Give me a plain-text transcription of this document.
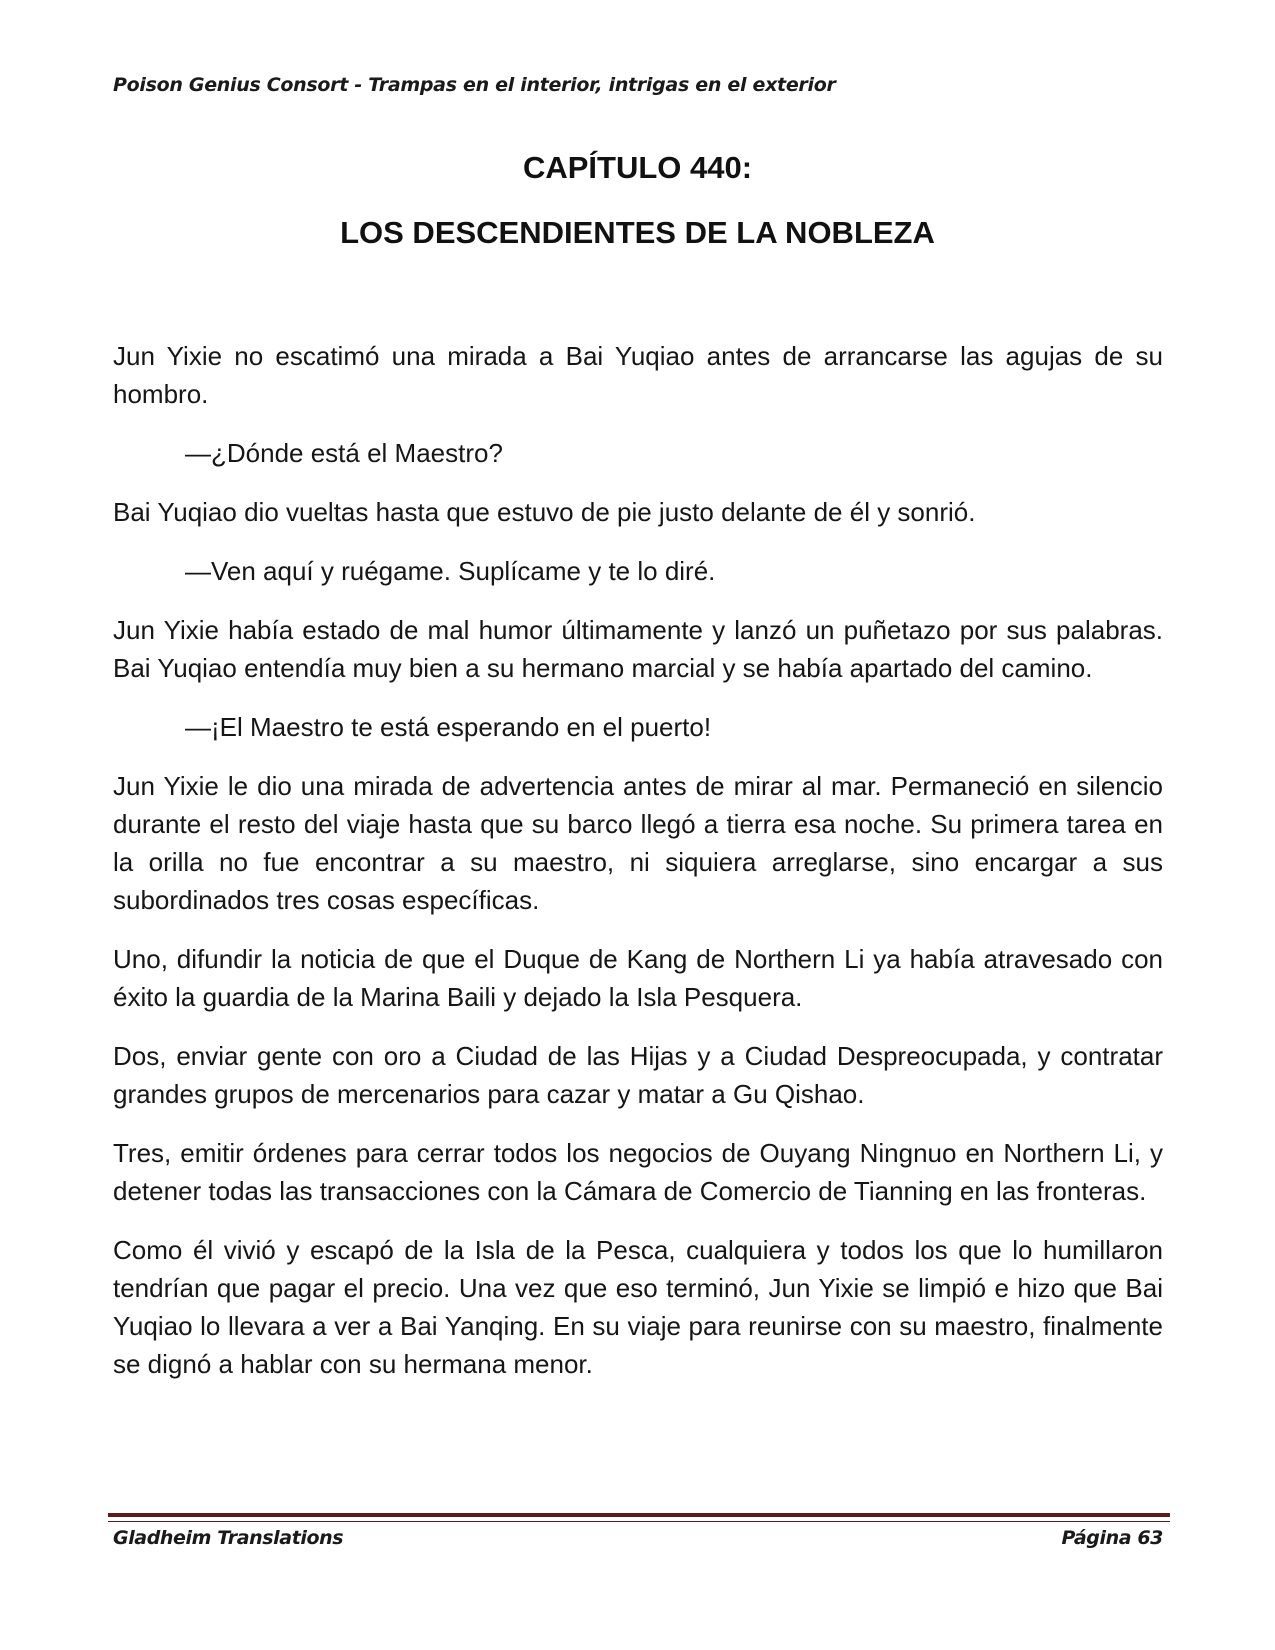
Poison Genius Consort - Trampas en el interior, intrigas en el exterior
CAPÍTULO 440:
LOS DESCENDIENTES DE LA NOBLEZA

Jun Yixie no escatimó una mirada a Bai Yuqiao antes de arrancarse las agujas de su hombro.

—¿Dónde está el Maestro?

Bai Yuqiao dio vueltas hasta que estuvo de pie justo delante de él y sonrió.

—Ven aquí y ruégame. Suplícame y te lo diré.

Jun Yixie había estado de mal humor últimamente y lanzó un puñetazo por sus palabras. Bai Yuqiao entendía muy bien a su hermano marcial y se había apartado del camino.

—¡El Maestro te está esperando en el puerto!

Jun Yixie le dio una mirada de advertencia antes de mirar al mar. Permaneció en silencio durante el resto del viaje hasta que su barco llegó a tierra esa noche. Su primera tarea en la orilla no fue encontrar a su maestro, ni siquiera arreglarse, sino encargar a sus subordinados tres cosas específicas.

Uno, difundir la noticia de que el Duque de Kang de Northern Li ya había atravesado con éxito la guardia de la Marina Baili y dejado la Isla Pesquera.

Dos, enviar gente con oro a Ciudad de las Hijas y a Ciudad Despreocupada, y contratar grandes grupos de mercenarios para cazar y matar a Gu Qishao.

Tres, emitir órdenes para cerrar todos los negocios de Ouyang Ningnuo en Northern Li, y detener todas las transacciones con la Cámara de Comercio de Tianning en las fronteras.

Como él vivió y escapó de la Isla de la Pesca, cualquiera y todos los que lo humillaron tendrían que pagar el precio. Una vez que eso terminó, Jun Yixie se limpió e hizo que Bai Yuqiao lo llevara a ver a Bai Yanqing. En su viaje para reunirse con su maestro, finalmente se dignó a hablar con su hermana menor.

Gladheim Translations	Página 63
